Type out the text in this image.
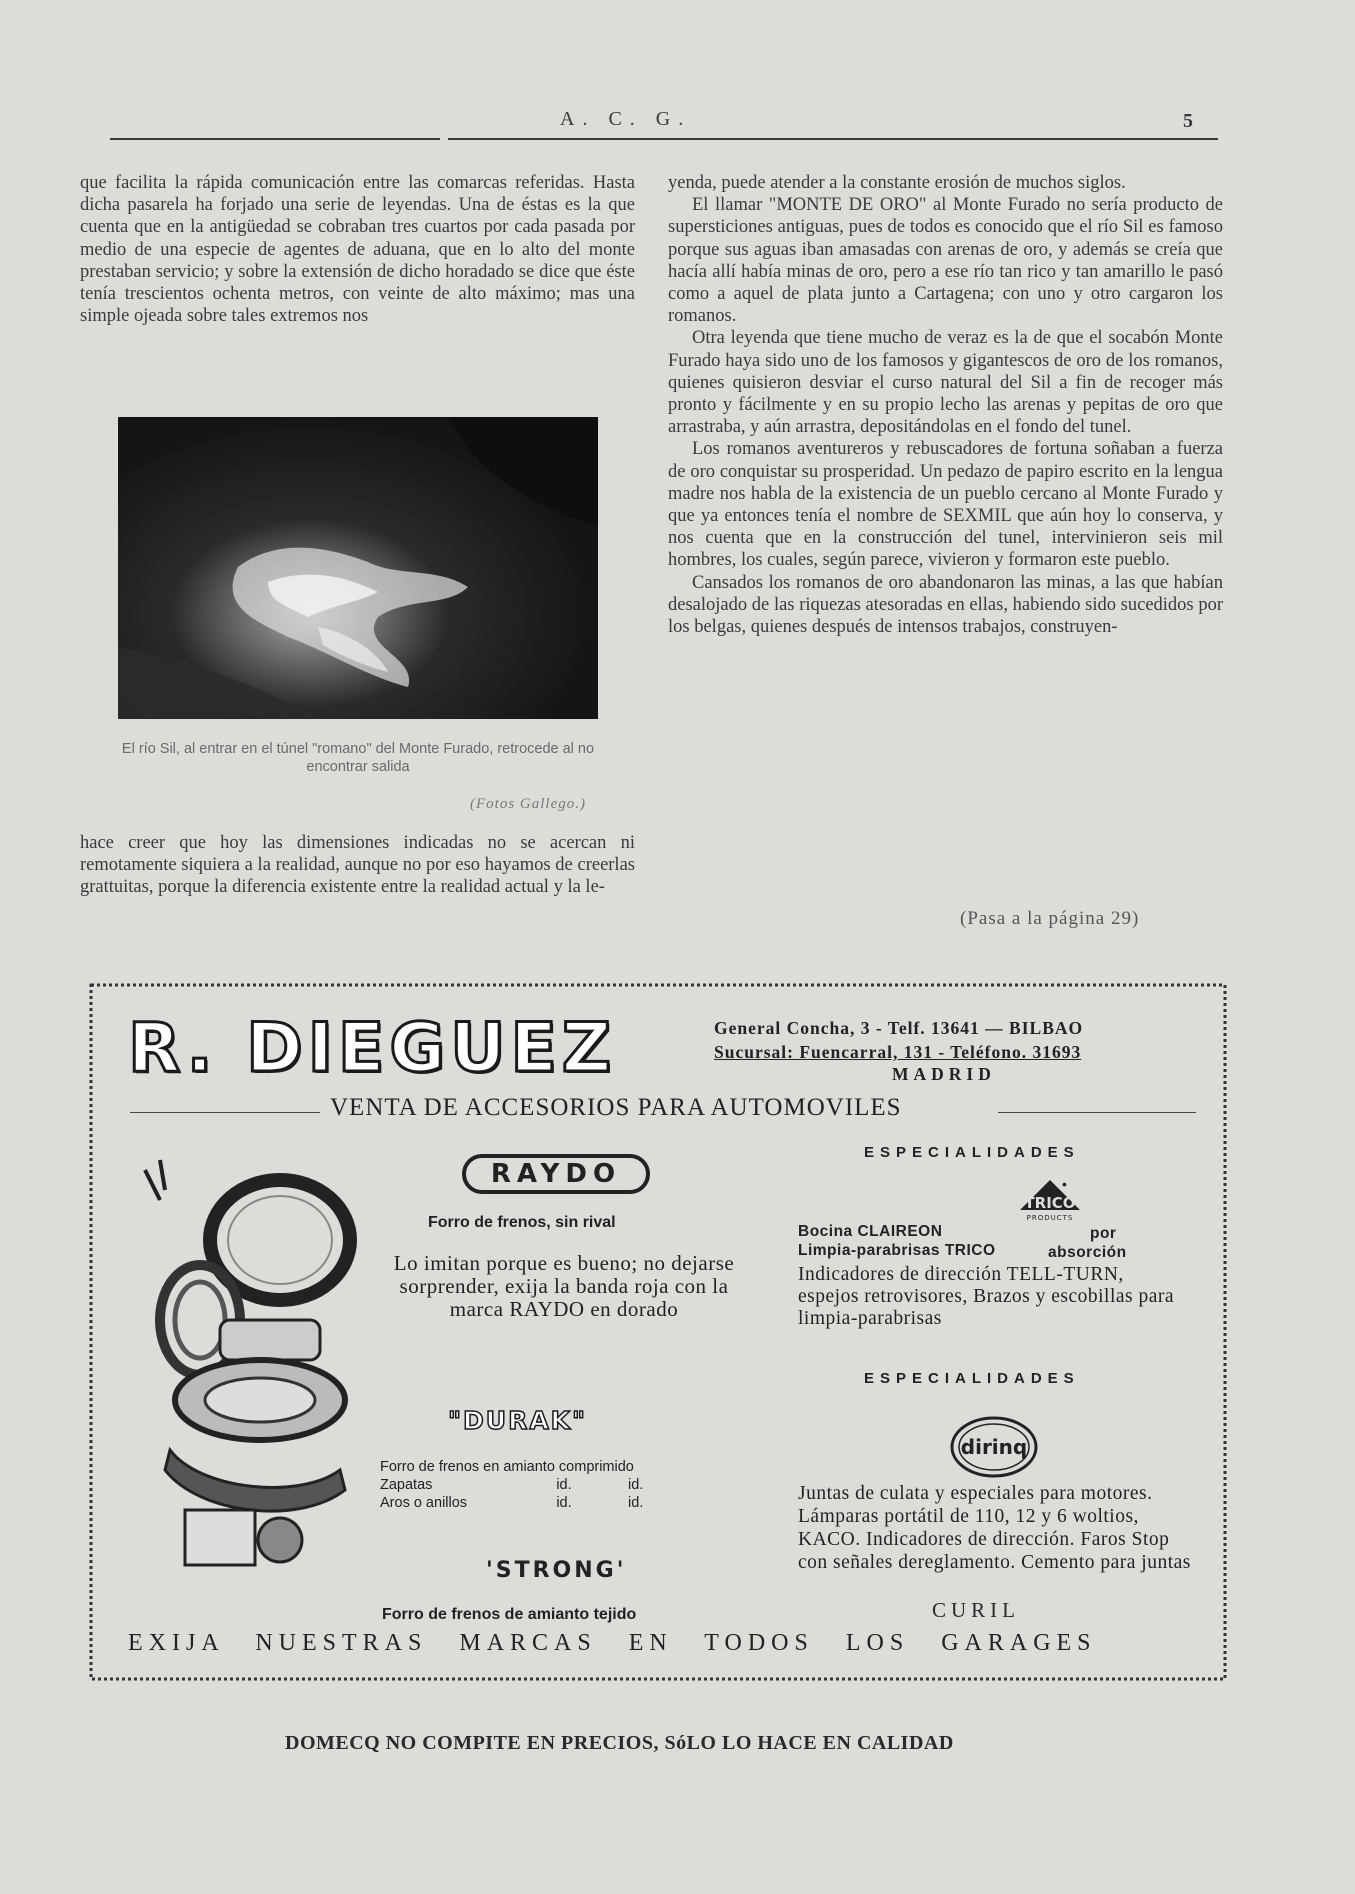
A. C. G.	5

que facilita la rápida comunicación entre las comarcas referidas. Hasta dicha pasarela ha forjado una serie de leyendas. Una de éstas es la que cuenta que en la antigüedad se cobraban tres cuartos por cada pasada por medio de una especie de agentes de aduana, que en lo alto del monte prestaban servicio; y sobre la extensión de dicho horadado se dice que éste tenía trescientos ochenta metros, con veinte de alto máximo; mas una simple ojeada sobre tales extremos nos

El río Sil, al entrar en el túnel "romano" del Monte Furado, retrocede al no encontrar salida
(Fotos Gallego.)

hace creer que hoy las dimensiones indicadas no se acercan ni remotamente siquiera a la realidad, aunque no por eso hayamos de creerlas grattuitas, porque la diferencia existente entre la realidad actual y la le-

yenda, puede atender a la constante erosión de muchos siglos.

El llamar "MONTE DE ORO" al Monte Furado no sería producto de supersticiones antiguas, pues de todos es conocido que el río Sil es famoso porque sus aguas iban amasadas con arenas de oro, y además se creía que hacía allí había minas de oro, pero a ese río tan rico y tan amarillo le pasó como a aquel de plata junto a Cartagena; con uno y otro cargaron los romanos.

Otra leyenda que tiene mucho de veraz es la de que el socabón Monte Furado haya sido uno de los famosos y gigantescos de oro de los romanos, quienes quisieron desviar el curso natural del Sil a fin de recoger más pronto y fácilmente y en su propio lecho las arenas y pepitas de oro que arrastraba, y aún arrastra, depositándolas en el fondo del tunel.

Los romanos aventureros y rebuscadores de fortuna soñaban a fuerza de oro conquistar su prosperidad. Un pedazo de papiro escrito en la lengua madre nos habla de la existencia de un pueblo cercano al Monte Furado y que ya entonces tenía el nombre de SEXMIL que aún hoy lo conserva, y nos cuenta que en la construcción del tunel, intervinieron seis mil hombres, los cuales, según parece, vivieron y formaron este pueblo.

Cansados los romanos de oro abandonaron las minas, a las que habían desalojado de las riquezas atesoradas en ellas, habiendo sido sucedidos por los belgas, quienes después de intensos trabajos, construyen-

(Pasa a la página 29)
R. DIEGUEZ	General Concha, 3 - Telf. 13641 — BILBAO
Sucursal: Fuencarral, 131 - Teléfono. 31693
MADRID
VENTA DE ACCESORIOS PARA AUTOMOVILES
RAYDO
Forro de frenos, sin rival
Lo imitan porque es bueno; no dejarse sorprender, exija la banda roja con la marca RAYDO en dorado
"DURAK"
Forro de frenos en amianto comprimido		
Zapatas	id.	id.
Aros o anillos	id.	id.
'STRONG'
Forro de frenos de amianto tejido
ESPECIALIDADES
TRICO
PRODUCTS
•
Bocina CLAIREON
Limpia-parabrisas TRICO
por
absorción
Indicadores de dirección TELL-TURN, espejos retrovisores, Brazos y escobillas para limpia-parabrisas
ESPECIALIDADES
dirinq
Juntas de culata y especiales para motores. Lámparas portátil de 110, 12 y 6 woltios, KACO. Indicadores de dirección. Faros Stop con señales dereglamento. Cemento para juntas
CURIL
EXIJA NUESTRAS MARCAS EN TODOS LOS GARAGES
DOMECQ NO COMPITE EN PRECIOS, SóLO LO HACE EN CALIDAD
